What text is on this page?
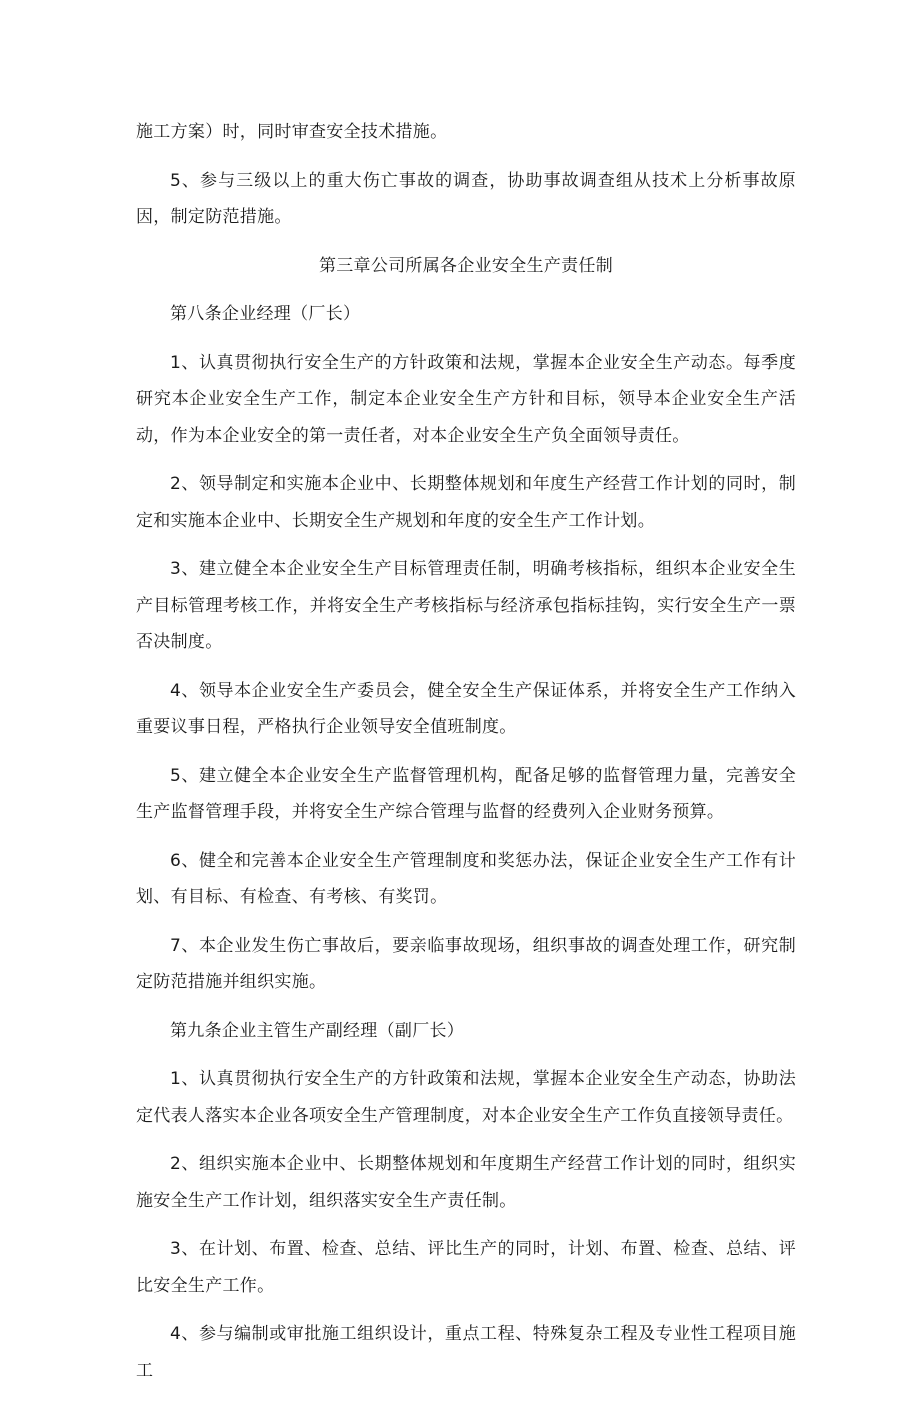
施工方案）时，同时审查安全技术措施。

5、参与三级以上的重大伤亡事故的调查，协助事故调查组从技术上分析事故原因，制定防范措施。

第三章公司所属各企业安全生产责任制

第八条企业经理（厂长）

1、认真贯彻执行安全生产的方针政策和法规，掌握本企业安全生产动态。每季度研究本企业安全生产工作，制定本企业安全生产方针和目标，领导本企业安全生产活动，作为本企业安全的第一责任者，对本企业安全生产负全面领导责任。

2、领导制定和实施本企业中、长期整体规划和年度生产经营工作计划的同时，制定和实施本企业中、长期安全生产规划和年度的安全生产工作计划。

3、建立健全本企业安全生产目标管理责任制，明确考核指标，组织本企业安全生产目标管理考核工作，并将安全生产考核指标与经济承包指标挂钩，实行安全生产一票否决制度。

4、领导本企业安全生产委员会，健全安全生产保证体系，并将安全生产工作纳入重要议事日程，严格执行企业领导安全值班制度。

5、建立健全本企业安全生产监督管理机构，配备足够的监督管理力量，完善安全生产监督管理手段，并将安全生产综合管理与监督的经费列入企业财务预算。

6、健全和完善本企业安全生产管理制度和奖惩办法，保证企业安全生产工作有计划、有目标、有检查、有考核、有奖罚。

7、本企业发生伤亡事故后，要亲临事故现场，组织事故的调查处理工作，研究制定防范措施并组织实施。

第九条企业主管生产副经理（副厂长）

1、认真贯彻执行安全生产的方针政策和法规，掌握本企业安全生产动态，协助法定代表人落实本企业各项安全生产管理制度，对本企业安全生产工作负直接领导责任。

2、组织实施本企业中、长期整体规划和年度期生产经营工作计划的同时，组织实施安全生产工作计划，组织落实安全生产责任制。

3、在计划、布置、检查、总结、评比生产的同时，计划、布置、检查、总结、评比安全生产工作。

4、参与编制或审批施工组织设计，重点工程、特殊复杂工程及专业性工程项目施工
